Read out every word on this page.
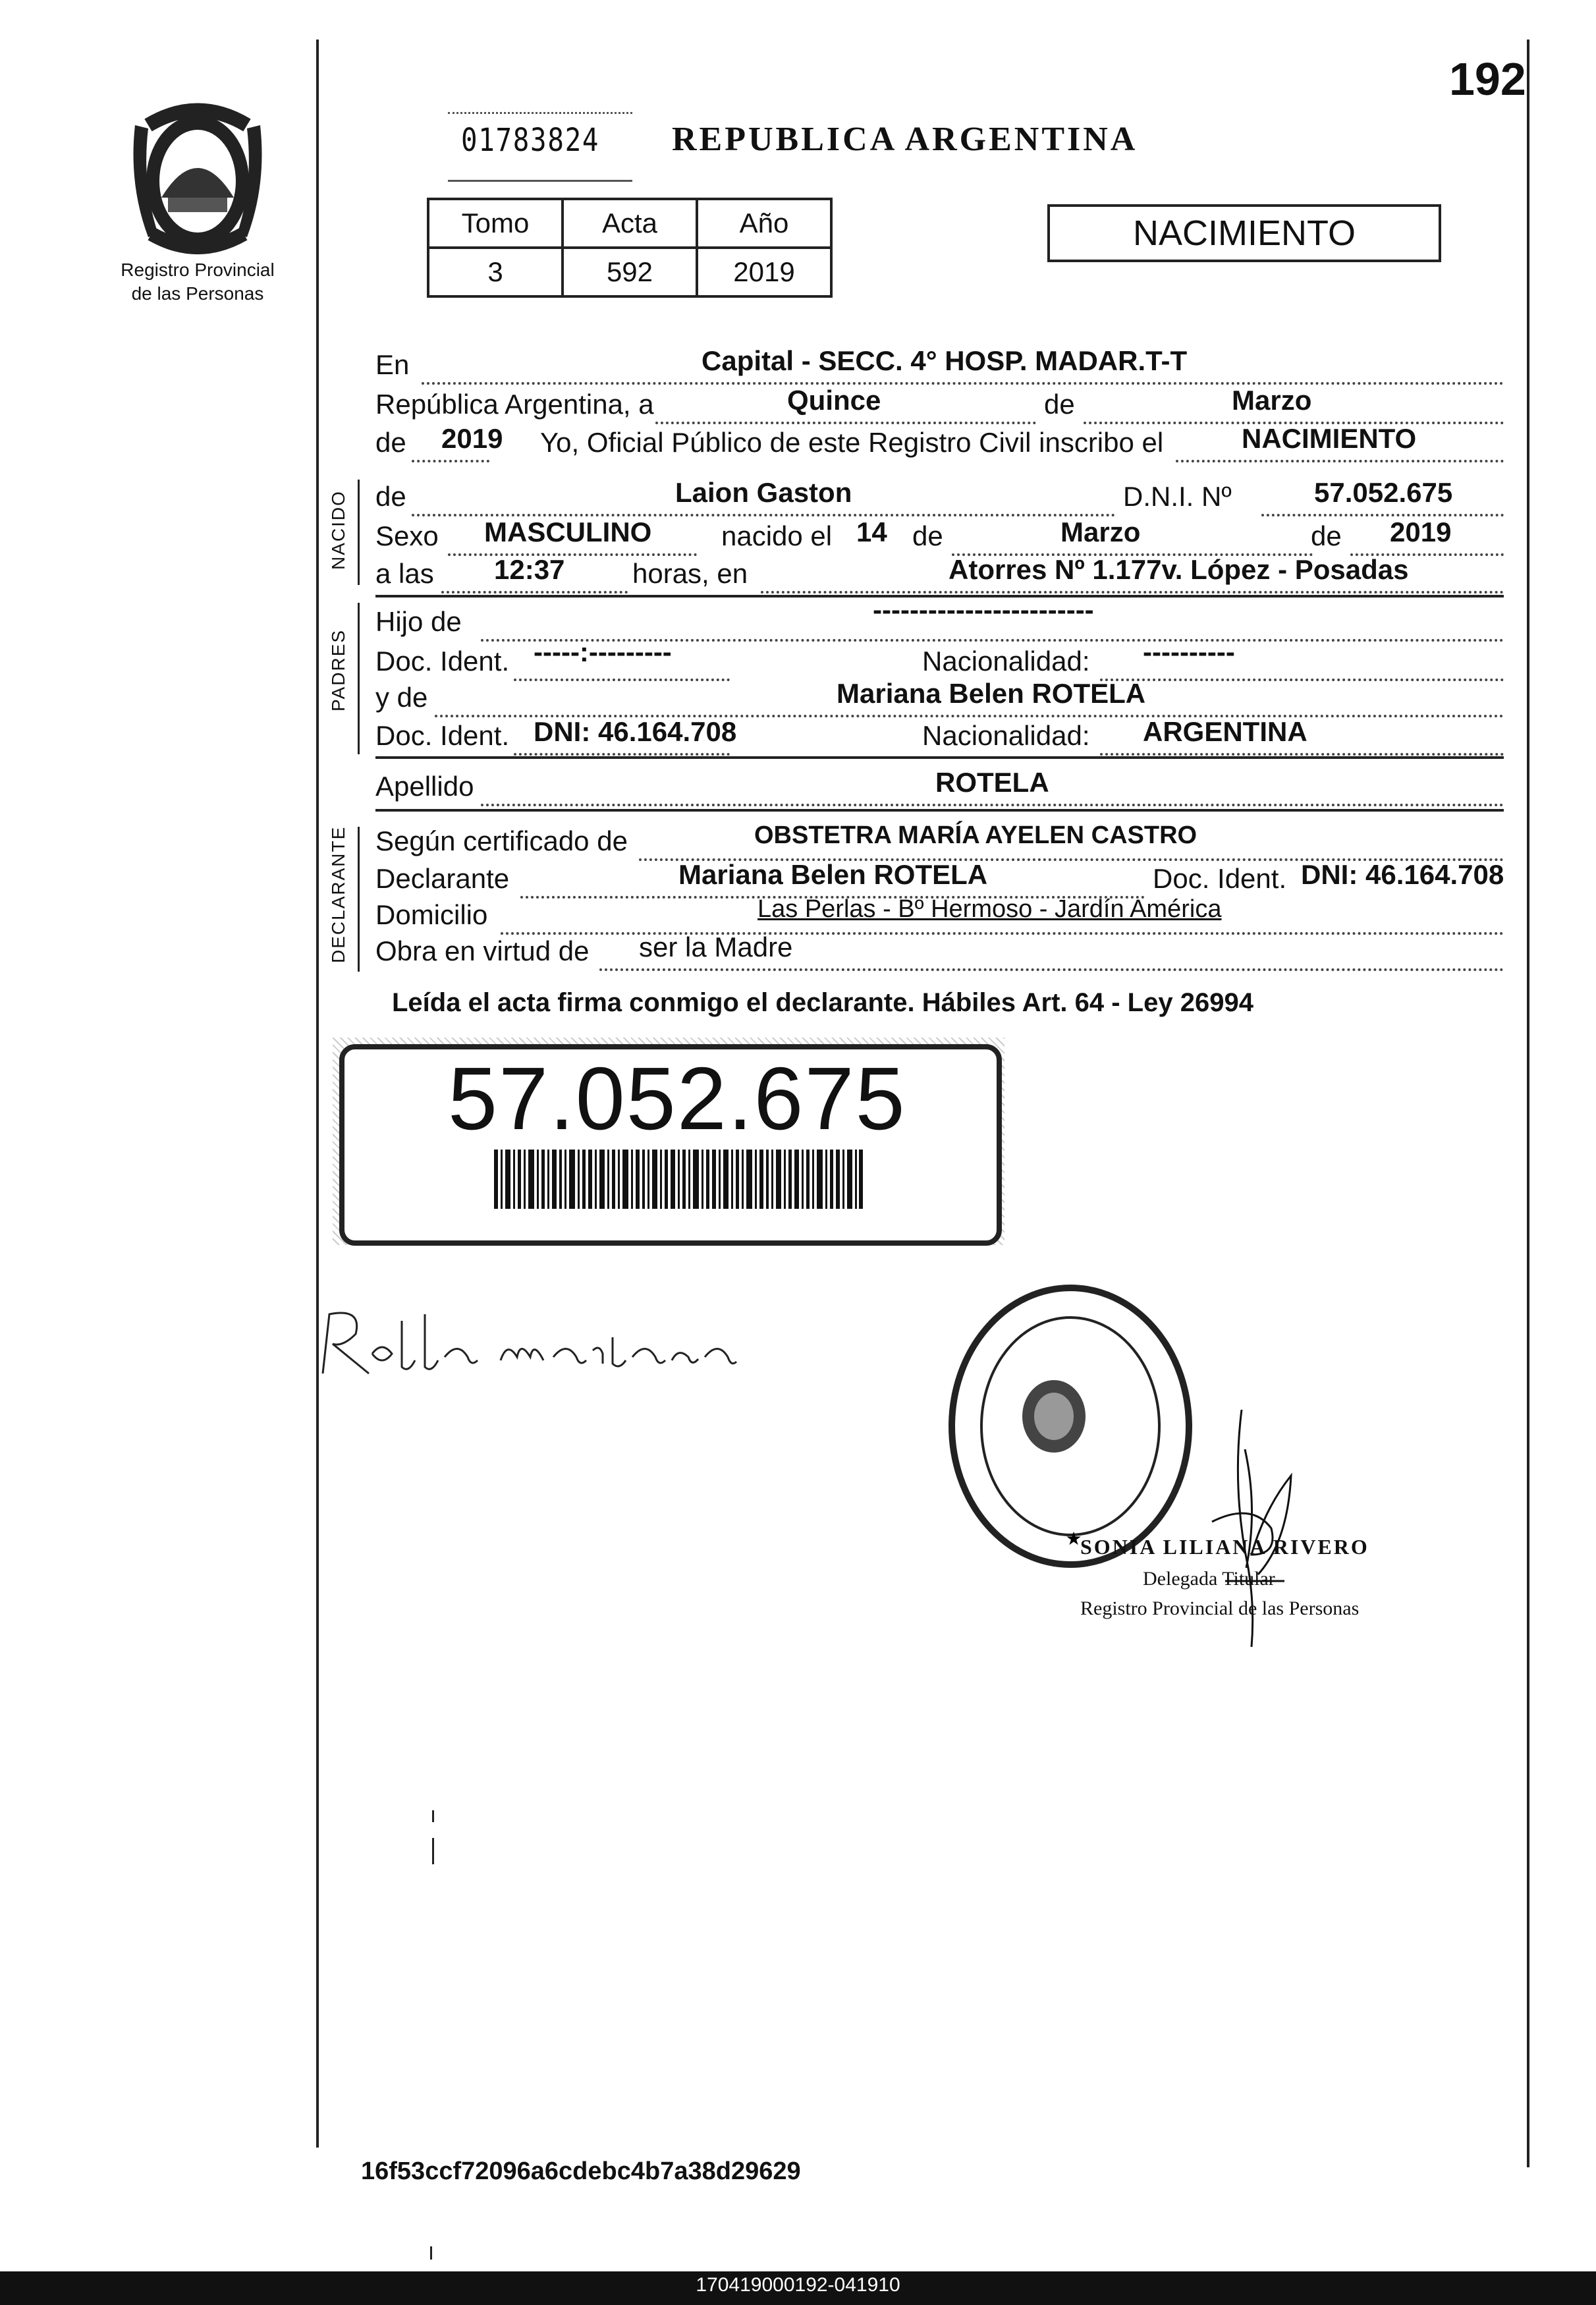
192
Registro Provincial
de las Personas
01783824 REPUBLICA ARGENTINA
Tomo	Acta	Año
3	592	2019
NACIMIENTO
En	Capital - SECC. 4° HOSP. MADAR.T-T
República Argentina, a	Quince	de	Marzo
de 2019 Yo, Oficial Público de este Registro Civil inscribo el	NACIMIENTO
NACIDO de	Laion Gaston	D.N.I. Nº	57.052.675
Sexo MASCULINO	nacido el 14 de	Marzo	de 2019
a las 12:37 horas, en	Atorres Nº 1.177v. López - Posadas
PADRES
Hijo de	------------------------
Doc. Ident. -----:---------	Nacionalidad: ----------
y de	Mariana Belen ROTELA
Doc. Ident. DNI: 46.164.708	Nacionalidad: ARGENTINA
Apellido	ROTELA
DECLARANTE Según certificado de	OBSTETRA MARÍA AYELEN CASTRO
Declarante	Mariana Belen ROTELA	Doc. Ident. DNI: 46.164.708
Domicilio	Las Perlas - Bº Hermoso - Jardín América
Obra en virtud de ser la Madre
Leída el acta firma conmigo el declarante. Hábiles Art. 64 - Ley 26994
57.052.675
★
SONIA LILIANA RIVERO
Delegada Titular
Registro Provincial de las Personas
16f53ccf72096a6cdebc4b7a38d29629
170419000192-041910
